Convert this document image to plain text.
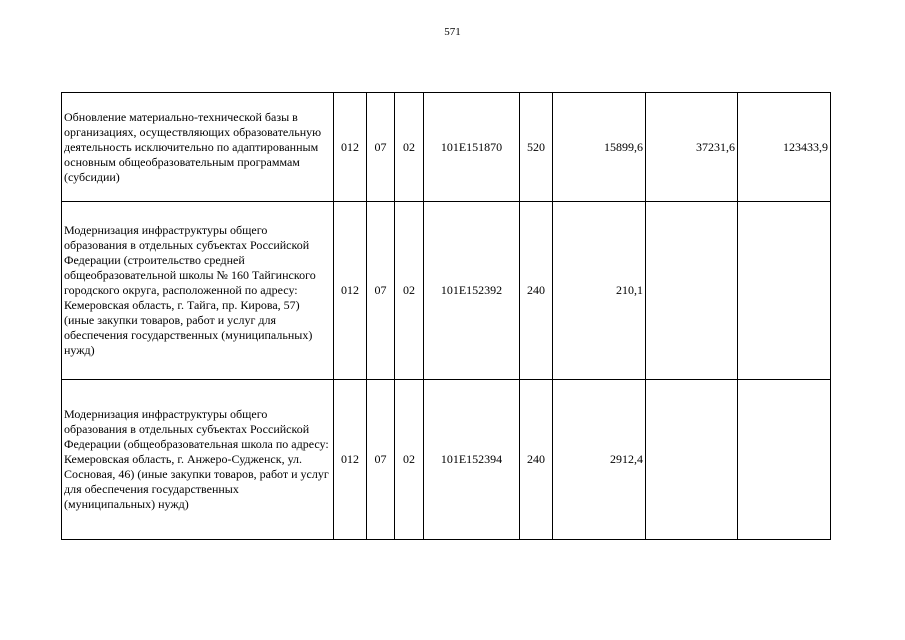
571
Обновление материально-технической базы в организациях, осуществляющих образовательную деятельность исключительно по адаптированным основным общеобразовательным программам (субсидии)	012	07	02	101Е151870	520	15899,6	37231,6	123433,9
Модернизация инфраструктуры общего образования в отдельных субъектах Российской Федерации (строительство средней общеобразовательной школы № 160 Тайгинского городского округа, расположенной по адресу: Кемеровская область, г. Тайга, пр. Кирова, 57) (иные закупки товаров, работ и услуг для обеспечения государственных (муниципальных) нужд)	012	07	02	101Е152392	240	210,1		
Модернизация инфраструктуры общего образования в отдельных субъектах Российской Федерации (общеобразовательная школа по адресу: Кемеровская область, г. Анжеро-Судженск, ул. Сосновая, 46) (иные закупки товаров, работ и услуг для обеспечения государственных (муниципальных) нужд)	012	07	02	101Е152394	240	2912,4		
